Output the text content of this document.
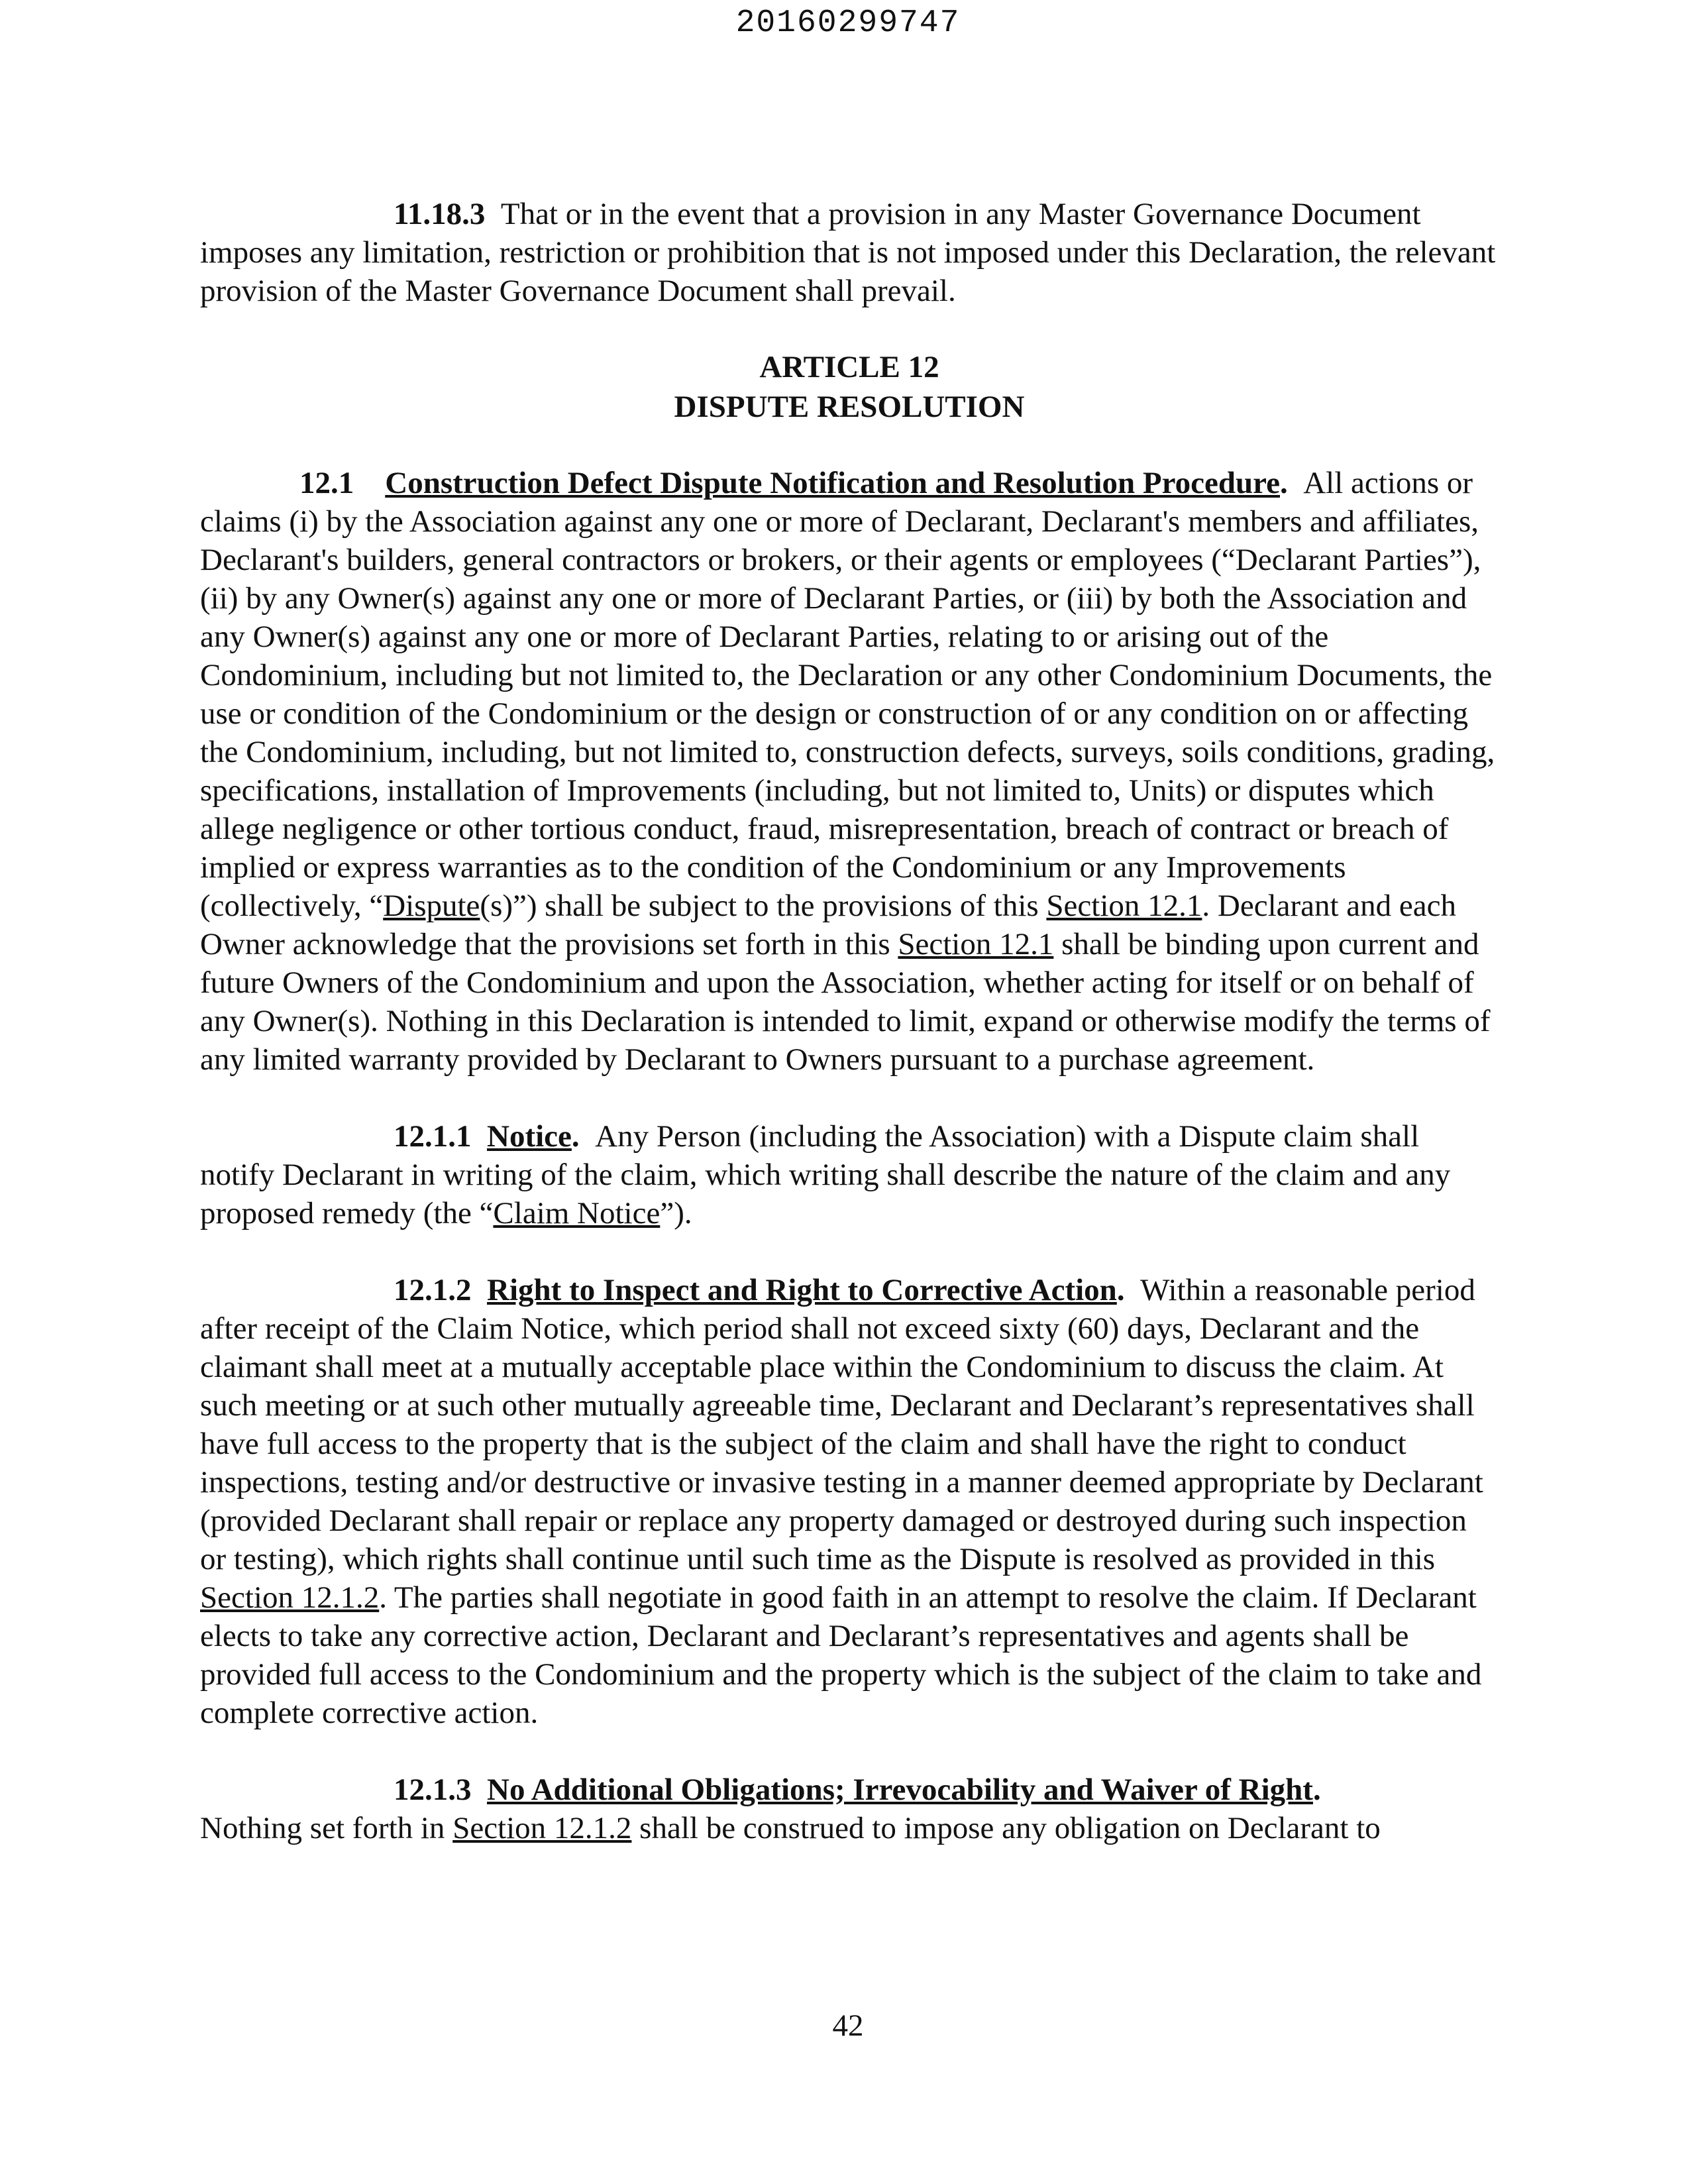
20160299747

11.18.3 That or in the event that a provision in any Master Governance Document imposes any limitation, restriction or prohibition that is not imposed under this Declaration, the relevant provision of the Master Governance Document shall prevail.

ARTICLE 12
DISPUTE RESOLUTION

12.1 Construction Defect Dispute Notification and Resolution Procedure. All actions or claims (i) by the Association against any one or more of Declarant, Declarant's members and affiliates, Declarant's builders, general contractors or brokers, or their agents or employees (“Declarant Parties”), (ii) by any Owner(s) against any one or more of Declarant Parties, or (iii) by both the Association and any Owner(s) against any one or more of Declarant Parties, relating to or arising out of the Condominium, including but not limited to, the Declaration or any other Condominium Documents, the use or condition of the Condominium or the design or construction of or any condition on or affecting the Condominium, including, but not limited to, construction defects, surveys, soils conditions, grading, specifications, installation of Improvements (including, but not limited to, Units) or disputes which allege negligence or other tortious conduct, fraud, misrepresentation, breach of contract or breach of implied or express warranties as to the condition of the Condominium or any Improvements (collectively, “Dispute(s)”) shall be subject to the provisions of this Section 12.1. Declarant and each Owner acknowledge that the provisions set forth in this Section 12.1 shall be binding upon current and future Owners of the Condominium and upon the Association, whether acting for itself or on behalf of any Owner(s). Nothing in this Declaration is intended to limit, expand or otherwise modify the terms of any limited warranty provided by Declarant to Owners pursuant to a purchase agreement.

12.1.1 Notice. Any Person (including the Association) with a Dispute claim shall notify Declarant in writing of the claim, which writing shall describe the nature of the claim and any proposed remedy (the “Claim Notice”).

12.1.2 Right to Inspect and Right to Corrective Action. Within a reasonable period after receipt of the Claim Notice, which period shall not exceed sixty (60) days, Declarant and the claimant shall meet at a mutually acceptable place within the Condominium to discuss the claim. At such meeting or at such other mutually agreeable time, Declarant and Declarant’s representatives shall have full access to the property that is the subject of the claim and shall have the right to conduct inspections, testing and/or destructive or invasive testing in a manner deemed appropriate by Declarant (provided Declarant shall repair or replace any property damaged or destroyed during such inspection or testing), which rights shall continue until such time as the Dispute is resolved as provided in this Section 12.1.2. The parties shall negotiate in good faith in an attempt to resolve the claim. If Declarant elects to take any corrective action, Declarant and Declarant’s representatives and agents shall be provided full access to the Condominium and the property which is the subject of the claim to take and complete corrective action.

12.1.3 No Additional Obligations; Irrevocability and Waiver of Right.
Nothing set forth in Section 12.1.2 shall be construed to impose any obligation on Declarant to

42
